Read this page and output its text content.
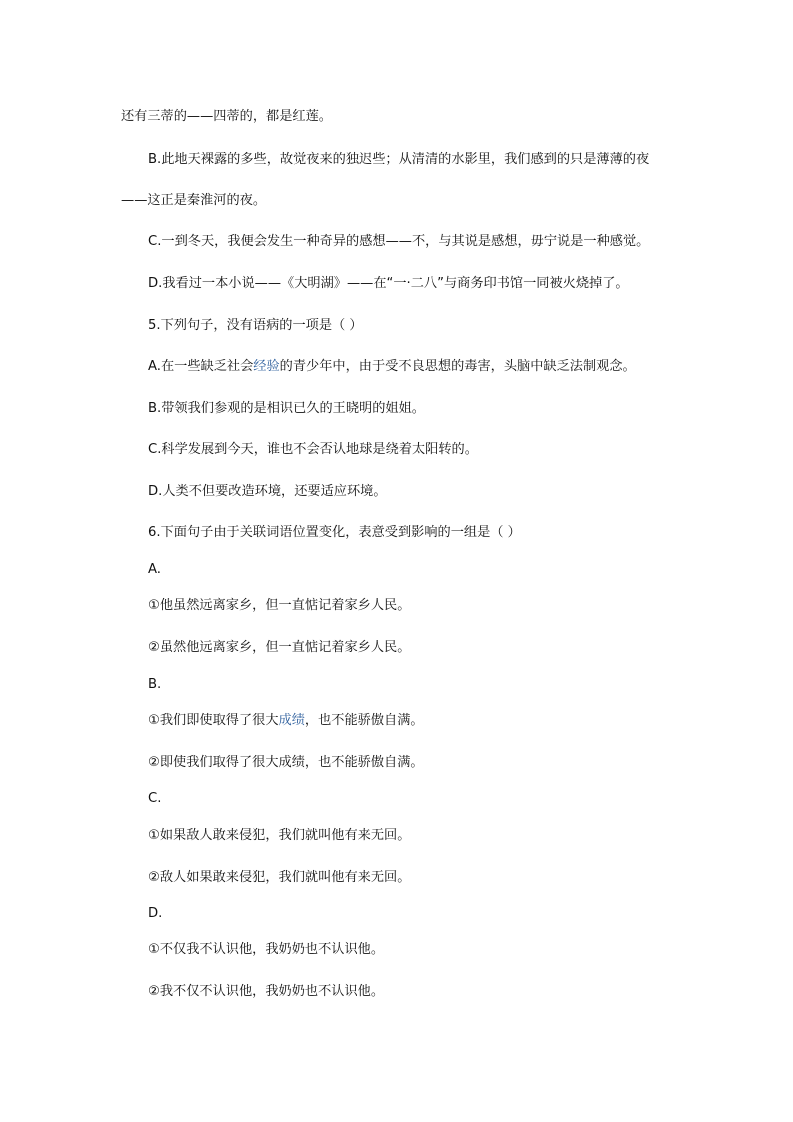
还有三蒂的——四蒂的，都是红莲。
B.此地天裸露的多些，故觉夜来的独迟些；从清清的水影里，我们感到的只是薄薄的夜
——这正是秦淮河的夜。
C.一到冬天，我便会发生一种奇异的感想——不，与其说是感想，毋宁说是一种感觉。
D.我看过一本小说——《大明湖》——在“一·二八”与商务印书馆一同被火烧掉了。
5.下列句子，没有语病的一项是（ ）
A.在一些缺乏社会经验的青少年中，由于受不良思想的毒害，头脑中缺乏法制观念。
B.带领我们参观的是相识已久的王晓明的姐姐。
C.科学发展到今天，谁也不会否认地球是绕着太阳转的。
D.人类不但要改造环境，还要适应环境。
6.下面句子由于关联词语位置变化，表意受到影响的一组是（ ）
A.
①他虽然远离家乡，但一直惦记着家乡人民。
②虽然他远离家乡，但一直惦记着家乡人民。
B.
①我们即使取得了很大成绩，也不能骄傲自满。
②即使我们取得了很大成绩，也不能骄傲自满。
C.
①如果敌人敢来侵犯，我们就叫他有来无回。
②敌人如果敢来侵犯，我们就叫他有来无回。
D.
①不仅我不认识他，我奶奶也不认识他。
②我不仅不认识他，我奶奶也不认识他。
